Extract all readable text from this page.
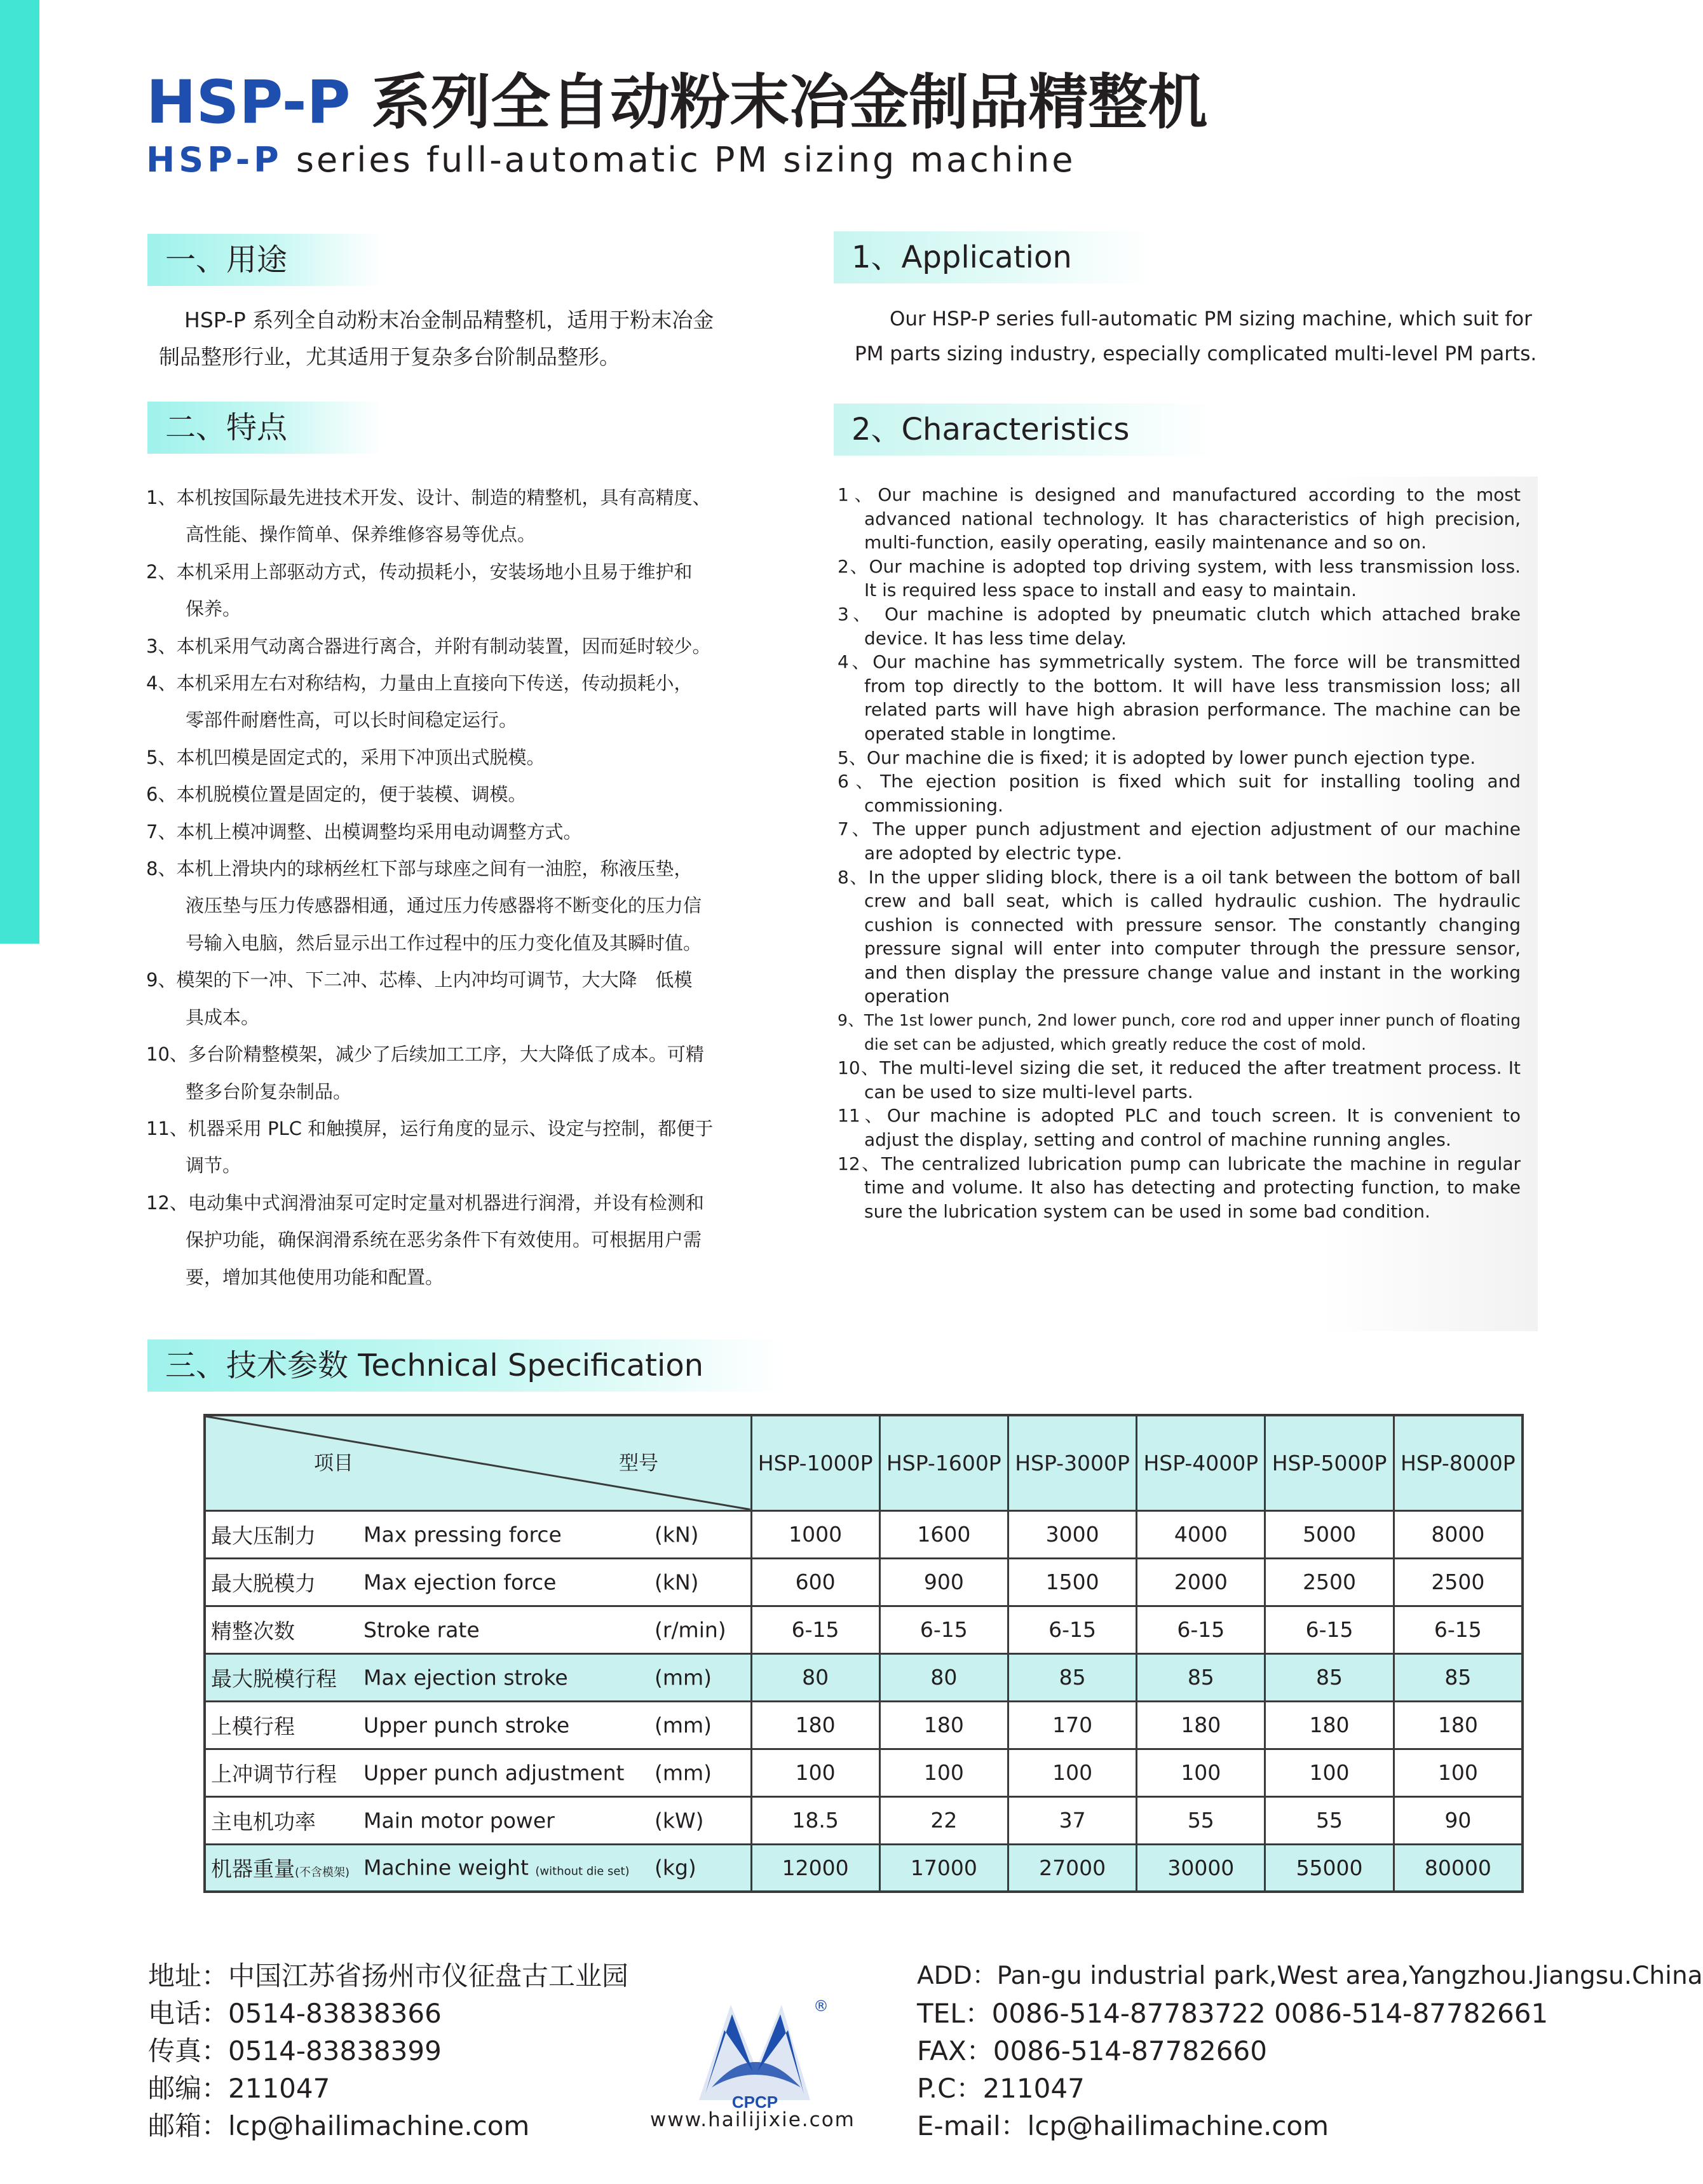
HSP-P 系列全自动粉末冶金制品精整机
HSP-P series full-automatic PM sizing machine
一、用途
HSP-P 系列全自动粉末冶金制品精整机，适用于粉末冶金
制品整形行业，尤其适用于复杂多台阶制品整形。
1、Application
Our HSP-P series full-automatic PM sizing machine, which suit for
PM parts sizing industry, especially complicated multi-level PM parts.
二、特点	2、Characteristics
1、本机按国际最先进技术开发、设计、制造的精整机，具有高精度、
高性能、操作简单、保养维修容易等优点。
2、本机采用上部驱动方式，传动损耗小，安装场地小且易于维护和
保养。
3、本机采用气动离合器进行离合，并附有制动装置，因而延时较少。
4、本机采用左右对称结构，力量由上直接向下传送，传动损耗小，
零部件耐磨性高，可以长时间稳定运行。
5、本机凹模是固定式的，采用下冲顶出式脱模。
6、本机脱模位置是固定的，便于装模、调模。
7、本机上模冲调整、出模调整均采用电动调整方式。
8、本机上滑块内的球柄丝杠下部与球座之间有一油腔，称液压垫，
液压垫与压力传感器相通，通过压力传感器将不断变化的压力信
号输入电脑，然后显示出工作过程中的压力变化值及其瞬时值。
9、模架的下一冲、下二冲、芯棒、上内冲均可调节，大大降　低模
具成本。
10、多台阶精整模架，减少了后续加工工序，大大降低了成本。可精
整多台阶复杂制品。
11、机器采用 PLC 和触摸屏，运行角度的显示、设定与控制，都便于
调节。
12、电动集中式润滑油泵可定时定量对机器进行润滑，并设有检测和
保护功能，确保润滑系统在恶劣条件下有效使用。可根据用户需
要，增加其他使用功能和配置。
1、Our machine is designed and manufactured according to the most advanced national technology. It has characteristics of high precision, multi-function, easily operating, easily maintenance and so on.
2、Our machine is adopted top driving system, with less transmission loss. It is required less space to install and easy to maintain.
3、 Our machine is adopted by pneumatic clutch which attached brake device. It has less time delay.
4、Our machine has symmetrically system. The force will be transmitted from top directly to the bottom. It will have less transmission loss; all related parts will have high abrasion performance. The machine can be operated stable in longtime.
5、Our machine die is fixed; it is adopted by lower punch ejection type.
6、The ejection position is fixed which suit for installing tooling and commissioning.
7、The upper punch adjustment and ejection adjustment of our machine are adopted by electric type.
8、In the upper sliding block, there is a oil tank between the bottom of ball crew and ball seat, which is called hydraulic cushion. The hydraulic cushion is connected with pressure sensor. The constantly changing pressure signal will enter into computer through the pressure sensor, and then display the pressure change value and instant in the working operation
9、The 1st lower punch, 2nd lower punch, core rod and upper inner punch of floating die set can be adjusted, which greatly reduce the cost of mold.
10、The multi-level sizing die set, it reduced the after treatment process. It can be used to size multi-level parts.
11、Our machine is adopted PLC and touch screen. It is convenient to adjust the display, setting and control of machine running angles.
12、The centralized lubrication pump can lubricate the machine in regular time and volume. It also has detecting and protecting function, to make sure the lubrication system can be used in some bad condition.
三、技术参数 Technical Specification
项目 型号	HSP-1000P	HSP-1600P	HSP-3000P	HSP-4000P	HSP-5000P	HSP-8000P

最大压制力 Max pressing force (kN)	1000	1600	3000	4000	5000	8000

最大脱模力 Max ejection force (kN)	600	900	1500	2000	2500	2500

精整次数 Stroke rate (r/min)	6-15	6-15	6-15	6-15	6-15	6-15

最大脱模行程 Max ejection stroke (mm)	80	80	85	85	85	85

上模行程 Upper punch stroke (mm)	180	180	170	180	180	180

上冲调节行程 Upper punch adjustment (mm)	100	100	100	100	100	100

主电机功率 Main motor power (kW)	18.5	22	37	55	55	90

机器重量(不含模架) Machine weight (without die set) (kg)	12000	17000	27000	30000	55000	80000
地址：中国江苏省扬州市仪征盘古工业园
电话：0514-83838366
传真：0514-83838399
邮编：211047
邮箱：lcp@hailimachine.com
CPCP
®
www.hailijixie.com
ADD：Pan-gu industrial park,West area,Yangzhou.Jiangsu.China
TEL：0086-514-87783722 0086-514-87782661
FAX：0086-514-87782660
P.C：211047
E-mail：lcp@hailimachine.com
